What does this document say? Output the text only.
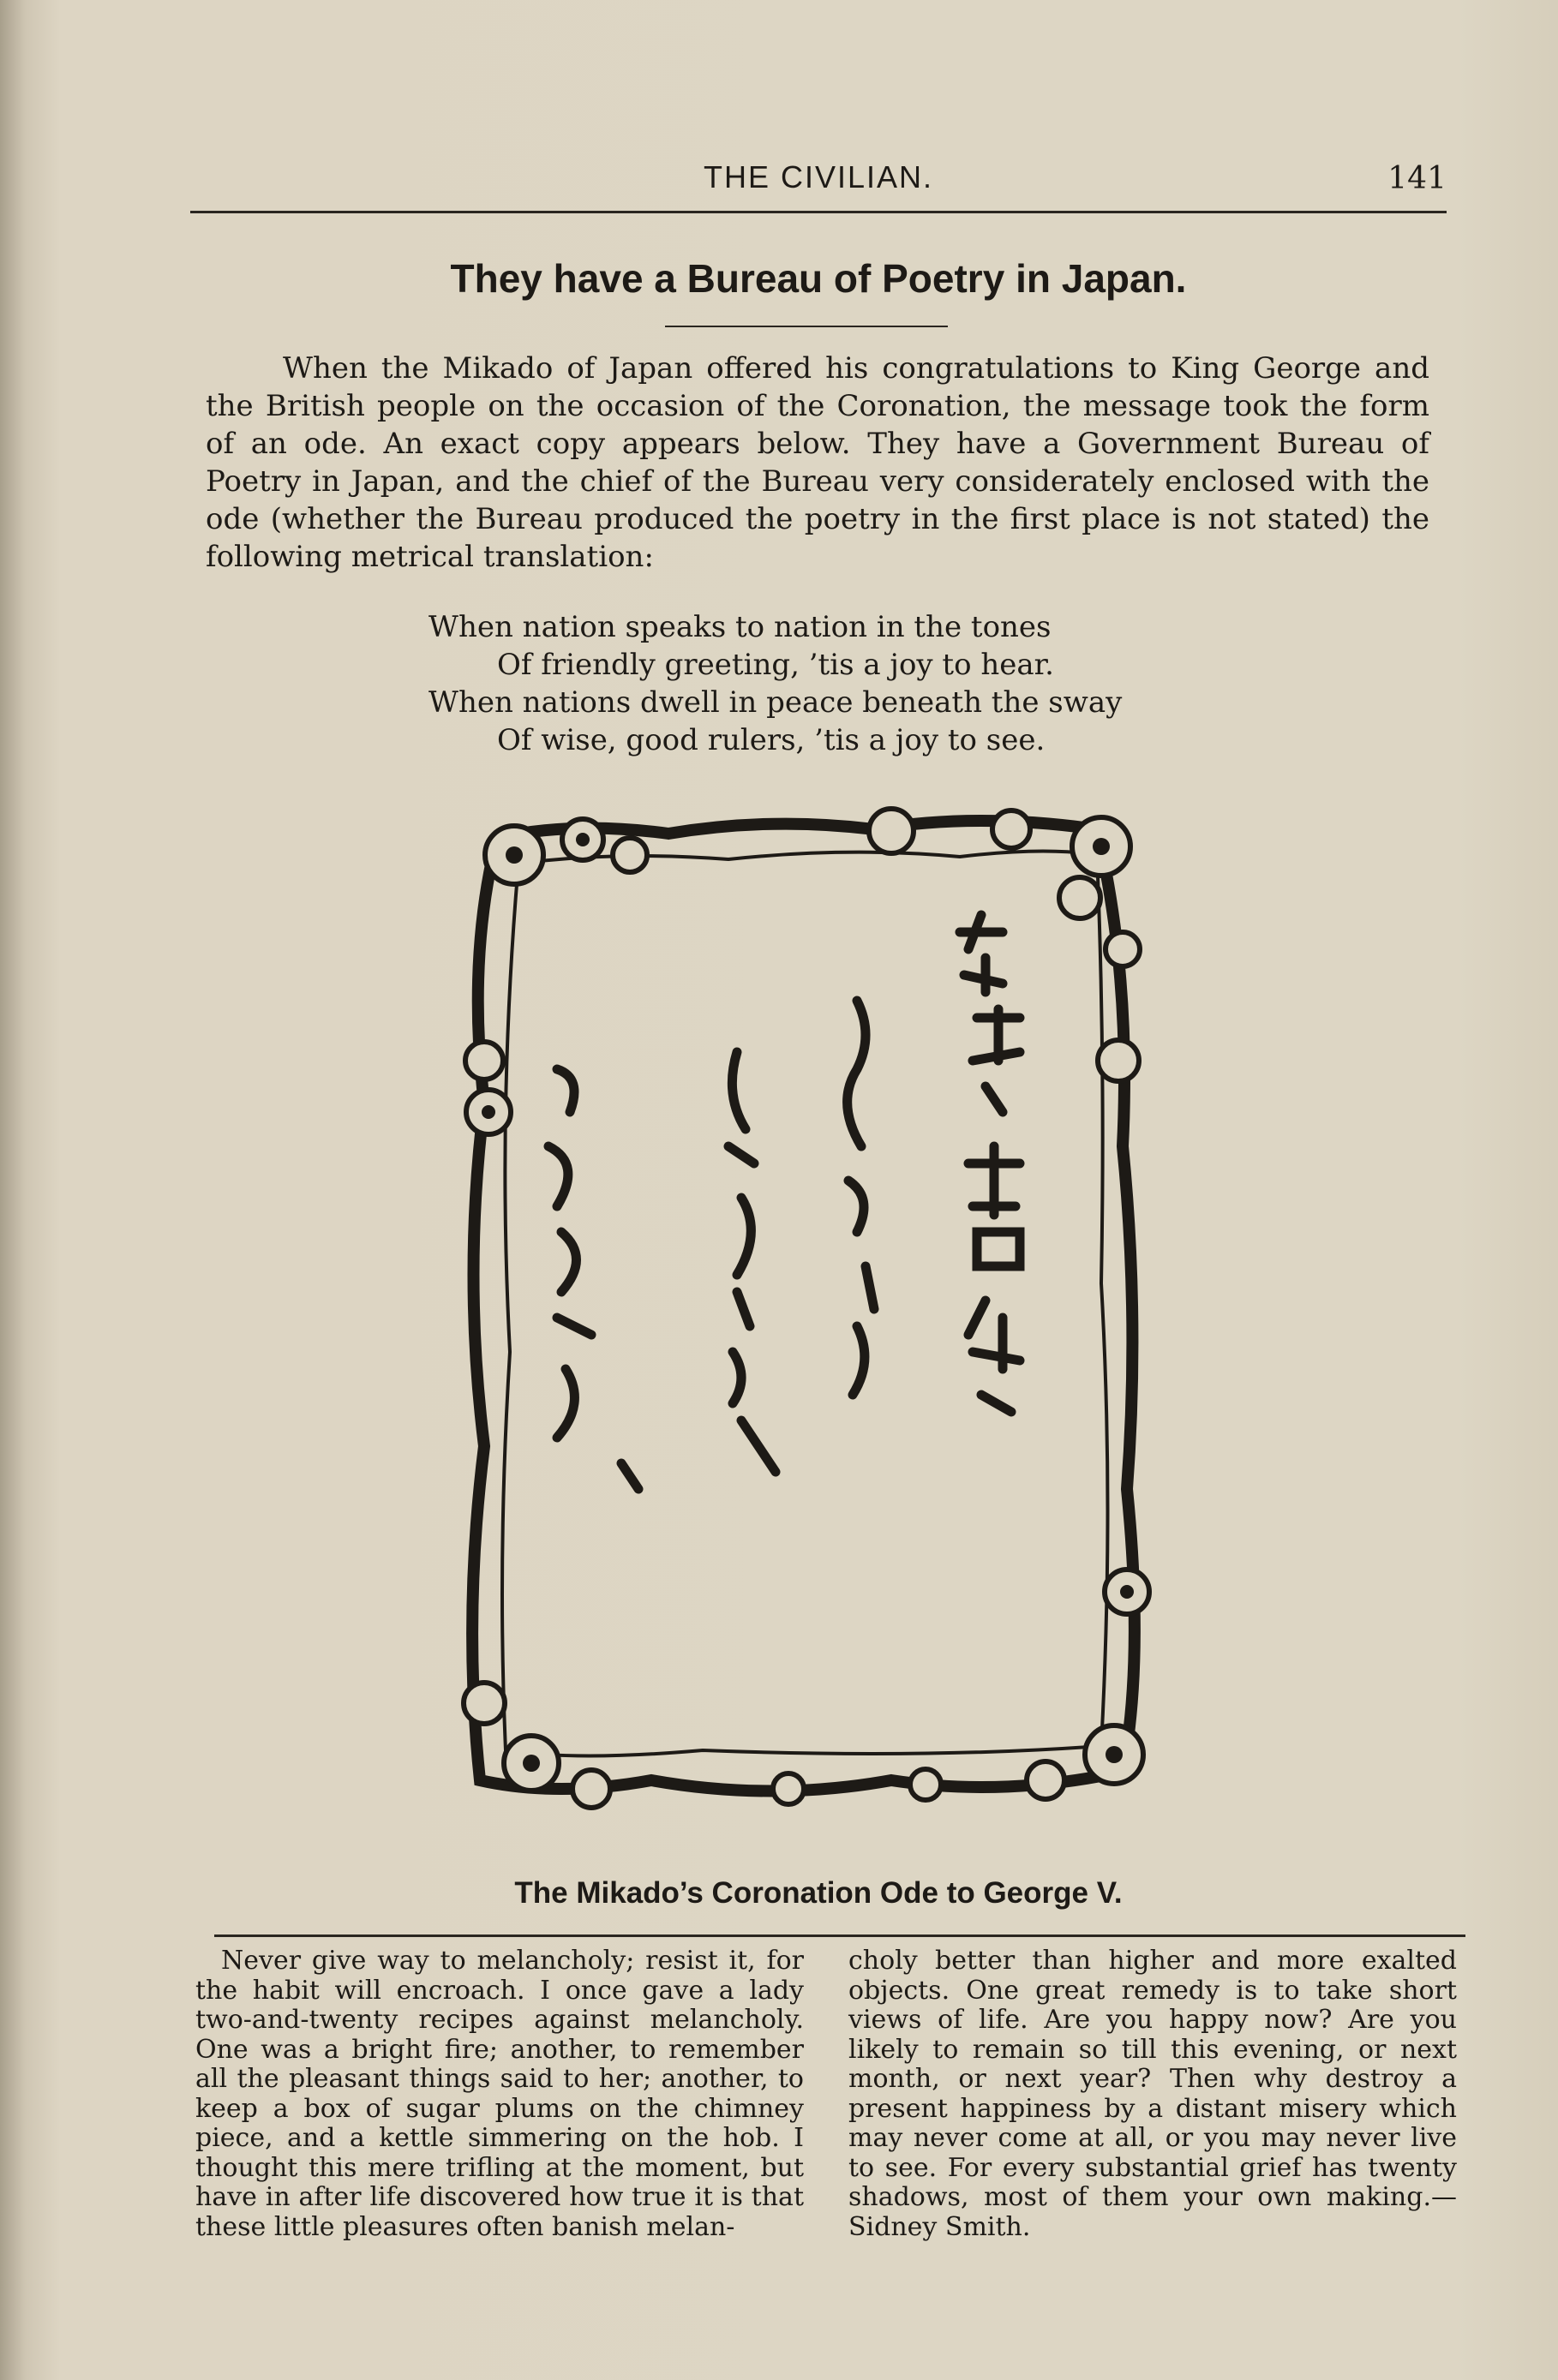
THE CIVILIAN.	141
They have a Bureau of Poetry in Japan.

When the Mikado of Japan offered his congratulations to King George and the British people on the occasion of the Coronation, the message took the form of an ode. An exact copy appears below. They have a Government Bureau of Poetry in Japan, and the chief of the Bureau very considerately enclosed with the ode (whether the Bureau produced the poetry in the first place is not stated) the following metrical translation:

When nation speaks to nation in the tones
Of friendly greeting, ’tis a joy to hear.
When nations dwell in peace beneath the sway
Of wise, good rulers, ’tis a joy to see.
The Mikado’s Coronation Ode to George V.

Never give way to melancholy; resist it, for the habit will encroach. I once gave a lady two-and-twenty recipes against melancholy. One was a bright fire; another, to remember all the pleasant things said to her; another, to keep a box of sugar plums on the chimney piece, and a kettle simmering on the hob. I thought this mere trifling at the moment, but have in after life discovered how true it is that these little pleasures often banish melan-

choly better than higher and more exalted objects. One great remedy is to take short views of life. Are you happy now? Are you likely to remain so till this evening, or next month, or next year? Then why destroy a present happiness by a distant misery which may never come at all, or you may never live to see. For every substantial grief has twenty shadows, most of them your own making.—Sidney Smith.
